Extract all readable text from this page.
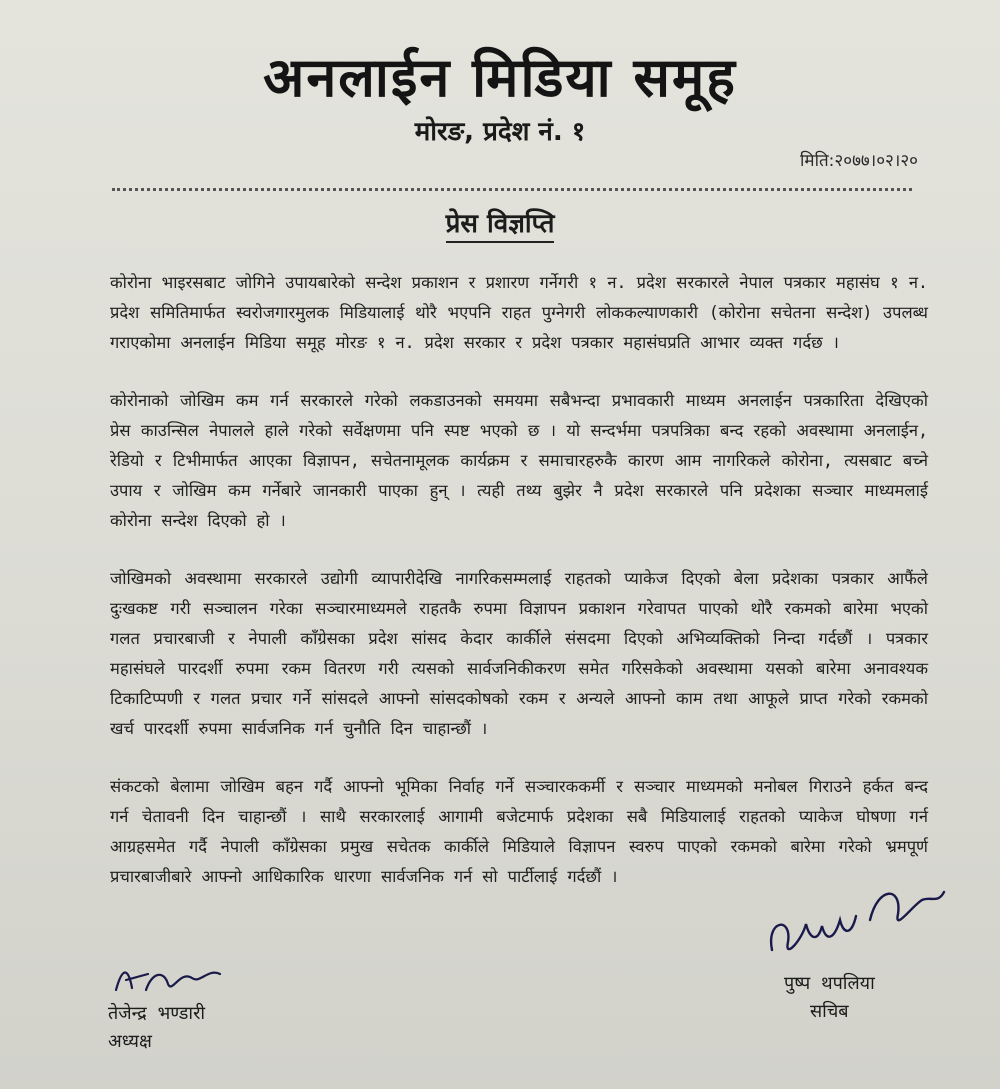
अनलाईन मिडिया समूह
मोरङ, प्रदेश नं. १
मिति:२०७७।०२।२०
प्रेस विज्ञप्ति

कोरोना भाइरसबाट जोगिने उपायबारेको सन्देश प्रकाशन र प्रशारण गर्नेगरी १ न. प्रदेश सरकारले नेपाल पत्रकार महासंघ १ न. प्रदेश समितिमार्फत स्वरोजगारमुलक मिडियालाई थोरै भएपनि राहत पुग्नेगरी लोककल्याणकारी (कोरोना सचेतना सन्देश) उपलब्ध गराएकोमा अनलाईन मिडिया समूह मोरङ १ न. प्रदेश सरकार र प्रदेश पत्रकार महासंघप्रति आभार व्यक्त गर्दछ ।

कोरोनाको जोखिम कम गर्न सरकारले गरेको लकडाउनको समयमा सबैभन्दा प्रभावकारी माध्यम अनलाईन पत्रकारिता देखिएको प्रेस काउन्सिल नेपालले हाले गरेको सर्वेक्षणमा पनि स्पष्ट भएको छ । यो सन्दर्भमा पत्रपत्रिका बन्द रहको अवस्थामा अनलाईन, रेडियो र टिभीमार्फत आएका विज्ञापन, सचेतनामूलक कार्यक्रम र समाचारहरुकै कारण आम नागरिकले कोरोना, त्यसबाट बच्ने उपाय र जोखिम कम गर्नेबारे जानकारी पाएका हुन् । त्यही तथ्य बुझेर नै प्रदेश सरकारले पनि प्रदेशका सञ्चार माध्यमलाई कोरोना सन्देश दिएको हो ।

जोखिमको अवस्थामा सरकारले उद्योगी व्यापारीदेखि नागरिकसम्मलाई राहतको प्याकेज दिएको बेला प्रदेशका पत्रकार आफैंले दुःखकष्ट गरी सञ्चालन गरेका सञ्चारमाध्यमले राहतकै रुपमा विज्ञापन प्रकाशन गरेवापत पाएको थोरै रकमको बारेमा भएको गलत प्रचारबाजी र नेपाली काँग्रेसका प्रदेश सांसद केदार कार्कीले संसदमा दिएको अभिव्यक्तिको निन्दा गर्दछौं । पत्रकार महासंघले पारदर्शी रुपमा रकम वितरण गरी त्यसको सार्वजनिकीकरण समेत गरिसकेको अवस्थामा यसको बारेमा अनावश्यक टिकाटिप्पणी र गलत प्रचार गर्ने सांसदले आफ्नो सांसदकोषको रकम र अन्यले आफ्नो काम तथा आफूले प्राप्त गरेको रकमको खर्च पारदर्शी रुपमा सार्वजनिक गर्न चुनौति दिन चाहान्छौं ।

संकटको बेलामा जोखिम बहन गर्दै आफ्नो भूमिका निर्वाह गर्ने सञ्चारककर्मी र सञ्चार माध्यमको मनोबल गिराउने हर्कत बन्द गर्न चेतावनी दिन चाहान्छौं । साथै सरकारलाई आगामी बजेटमार्फ प्रदेशका सबै मिडियालाई राहतको प्याकेज घोषणा गर्न आग्रहसमेत गर्दै नेपाली काँग्रेसका प्रमुख सचेतक कार्कीले मिडियाले विज्ञापन स्वरुप पाएको रकमको बारेमा गरेको भ्रमपूर्ण प्रचारबाजीबारे आफ्नो आधिकारिक धारणा सार्वजनिक गर्न सो पार्टीलाई गर्दछौं ।

तेजेन्द्र भण्डारी
अध्यक्ष
पुष्प थपलिया
सचिब
